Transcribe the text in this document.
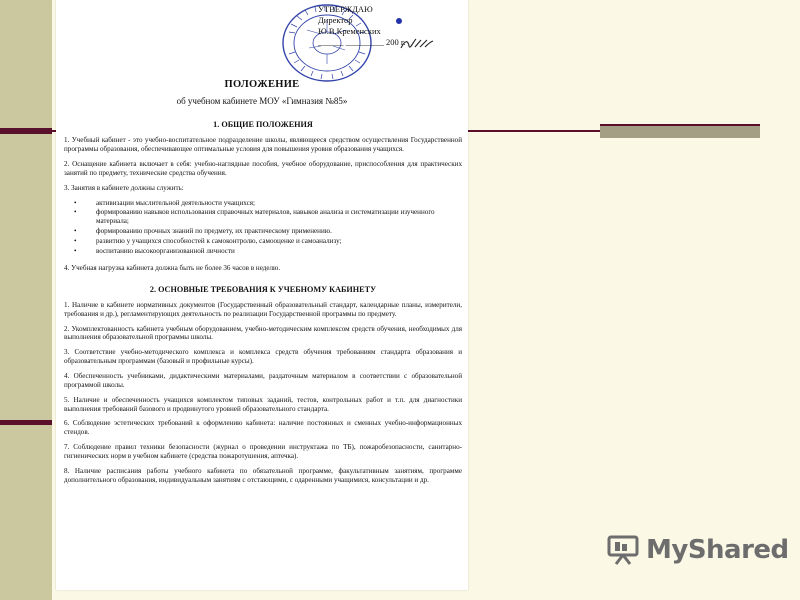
УТВЕРЖДАЮ
Директор
Ю.В.Кременских
______ _________ 200 г.
ПОЛОЖЕНИЕ
об учебном кабинете МОУ «Гимназия №85»
1. ОБЩИЕ ПОЛОЖЕНИЯ
1. Учебный кабинет - это учебно-воспитательное подразделение школы, являющееся средством осуществления Государственной программы образования, обеспечивающее оптимальные условия для повышения уровня образования учащихся.
2. Оснащение кабинета включает в себя: учебно-наглядные пособия, учебное оборудование, приспособления для практических занятий по предмету, технические средства обучения.
3. Занятия в кабинете должны служить:
•	активизации мыслительной деятельности учащихся;
•	формированию навыков использования справочных материалов, навыков анализа и систематизации изученного материала;
•	формированию прочных знаний по предмету, их практическому применению.
•	развитию у учащихся способностей к самоконтролю, самооценке и самоанализу;
•	воспитанию высокоорганизованной личности
4. Учебная нагрузка кабинета должна быть не более 36 часов в неделю.
2. ОСНОВНЫЕ ТРЕБОВАНИЯ К УЧЕБНОМУ КАБИНЕТУ
1. Наличие в кабинете нормативных документов (Государственный образовательный стандарт, календарные планы, измерители, требования и др.), регламентирующих деятельность по реализации Государственной программы по предмету.
2. Укомплектованность кабинета учебным оборудованием, учебно-методическим комплексом средств обучения, необходимых для выполнения образовательной программы школы.
3. Соответствие учебно-методического комплекса и комплекса средств обучения требованиям стандарта образования и образовательным программам (базовый и профильные курсы).
4. Обеспеченность учебниками, дидактическими материалами, раздаточным материалом в соответствии с образовательной программой школы.
5. Наличие и обеспеченность учащихся комплектом типовых заданий, тестов, контрольных работ и т.п. для диагностики выполнения требований базового и продвинутого уровней образовательного стандарта.
6. Соблюдение эстетических требований к оформлению кабинета: наличие постоянных и сменных учебно-информационных стендов.
7. Соблюдение правил техники безопасности (журнал о проведении инструктажа по ТБ), пожаробезопасности, санитарно-гигиенических норм в учебном кабинете (средства пожаротушения, аптечка).
8. Наличие расписания работы учебного кабинета по обязательной программе, факультативным занятиям, программе дополнительного образования, индивидуальным занятиям с отстающими, с одаренными учащимися, консультации и др.
MyShared
